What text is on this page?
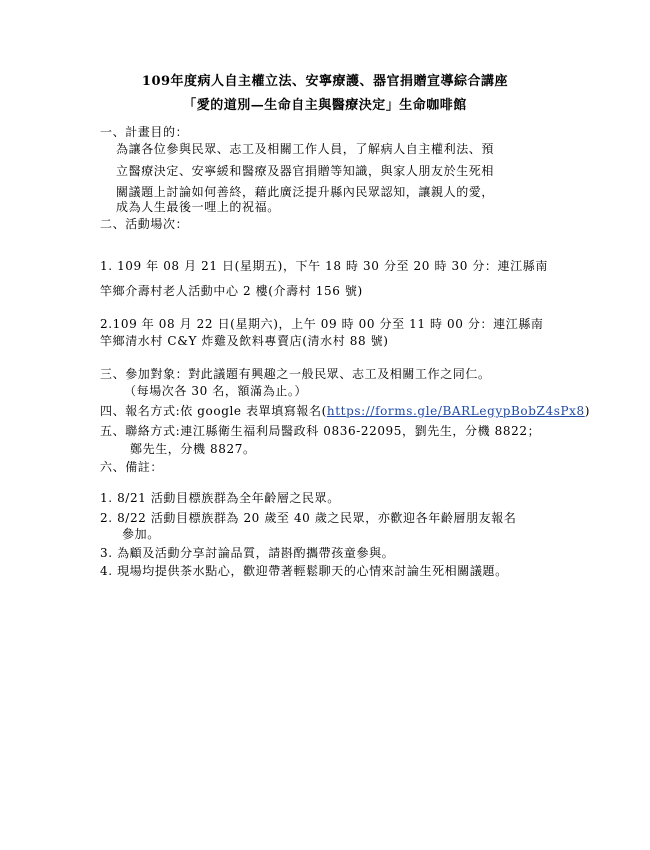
109年度病人自主權立法、安寧療護、器官捐贈宣導綜合講座
「愛的道別—生命自主與醫療決定」生命咖啡館
一、計畫目的：
為讓各位參與民眾、志工及相關工作人員，了解病人自主權利法、預
立醫療決定、安寧緩和醫療及器官捐贈等知識，與家人朋友於生死相
關議題上討論如何善終，藉此廣泛提升縣內民眾認知，讓親人的愛，
成為人生最後一哩上的祝福。
二、活動場次：
1. 109 年 08 月 21 日(星期五)，下午 18 時 30 分至 20 時 30 分：連江縣南
竿鄉介壽村老人活動中心 2 樓(介壽村 156 號)
2.109 年 08 月 22 日(星期六)，上午 09 時 00 分至 11 時 00 分：連江縣南
竿鄉清水村 C&Y 炸雞及飲料專賣店(清水村 88 號)
三、參加對象：對此議題有興趣之一般民眾、志工及相關工作之同仁。
（每場次各 30 名，額滿為止。）
四、報名方式:依 google 表單填寫報名(https://forms.gle/BARLegypBobZ4sPx8)
五、聯絡方式:連江縣衛生福利局醫政科 0836-22095，劉先生，分機 8822；
鄭先生，分機 8827。
六、備註：
1. 8/21 活動目標族群為全年齡層之民眾。
2. 8/22 活動目標族群為 20 歲至 40 歲之民眾，亦歡迎各年齡層朋友報名
參加。
3. 為顧及活動分享討論品質，請斟酌攜帶孩童參與。
4. 現場均提供茶水點心，歡迎帶著輕鬆聊天的心情來討論生死相關議題。
